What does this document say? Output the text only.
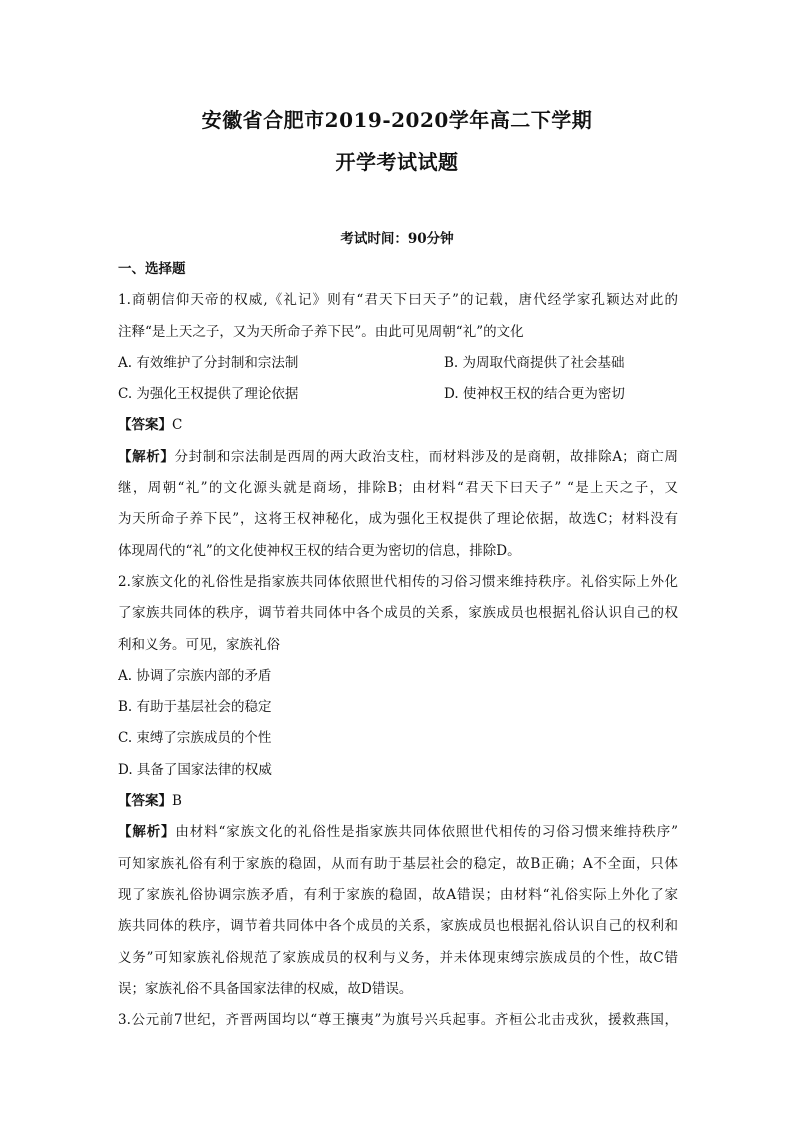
安徽省合肥市2019-2020学年高二下学期
开学考试试题
考试时间：90分钟
一、选择题
1.商朝信仰天帝的权威,《礼记》则有“君天下曰天子”的记载，唐代经学家孔颖达对此的
注释“是上天之子，又为天所命子养下民”。由此可见周朝“礼”的文化
A. 有效维护了分封制和宗法制	B. 为周取代商提供了社会基础
C. 为强化王权提供了理论依据	D. 使神权王权的结合更为密切
【答案】C
【解析】分封制和宗法制是西周的两大政治支柱，而材料涉及的是商朝，故排除A；商亡周
继，周朝“礼”的文化源头就是商场，排除B；由材料“君天下曰天子” “是上天之子，又
为天所命子养下民”，这将王权神秘化，成为强化王权提供了理论依据，故选C；材料没有
体现周代的“礼”的文化使神权王权的结合更为密切的信息，排除D。
2.家族文化的礼俗性是指家族共同体依照世代相传的习俗习惯来维持秩序。礼俗实际上外化
了家族共同体的秩序，调节着共同体中各个成员的关系，家族成员也根据礼俗认识自己的权
利和义务。可见，家族礼俗
A. 协调了宗族内部的矛盾
B. 有助于基层社会的稳定
C. 束缚了宗族成员的个性
D. 具备了国家法律的权威
【答案】B
【解析】由材料“家族文化的礼俗性是指家族共同体依照世代相传的习俗习惯来维持秩序”
可知家族礼俗有利于家族的稳固，从而有助于基层社会的稳定，故B正确；A不全面，只体
现了家族礼俗协调宗族矛盾，有利于家族的稳固，故A错误；由材料“礼俗实际上外化了家
族共同体的秩序，调节着共同体中各个成员的关系，家族成员也根据礼俗认识自己的权利和
义务”可知家族礼俗规范了家族成员的权利与义务，并未体现束缚宗族成员的个性，故C错
误；家族礼俗不具备国家法律的权威，故D错误。
3.公元前7世纪，齐晋两国均以“尊王攘夷”为旗号兴兵起事。齐桓公北击戎狄，援救燕国，
